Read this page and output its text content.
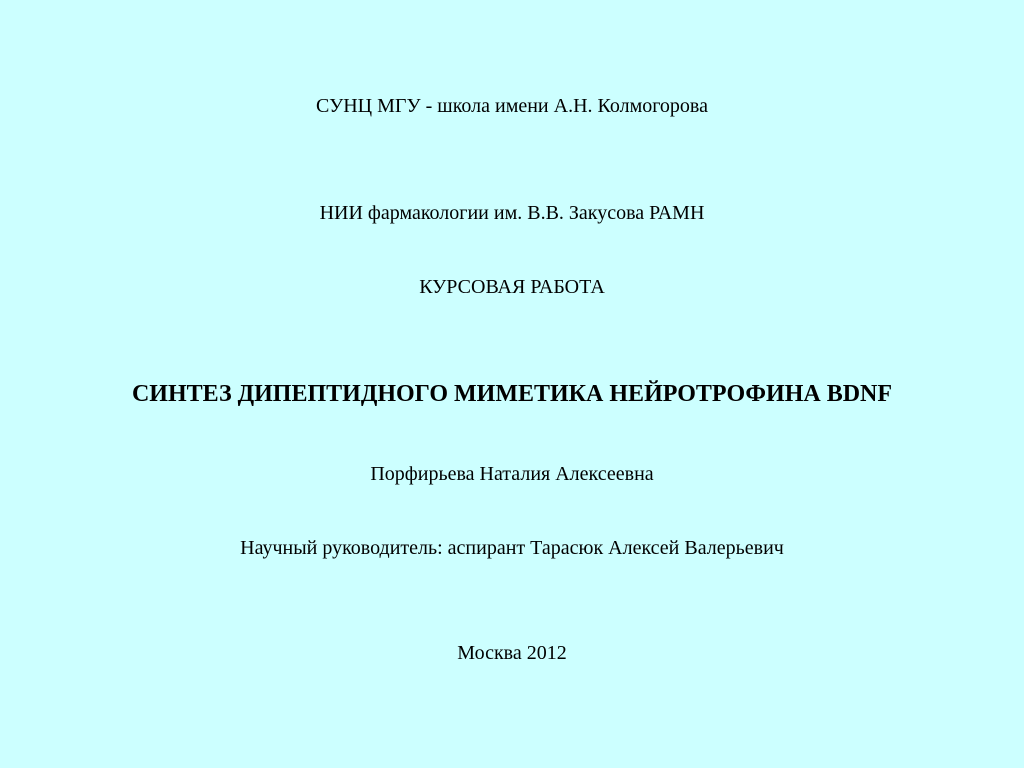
СУНЦ МГУ - школа имени А.Н. Колмогорова
НИИ фармакологии им. В.В. Закусова РАМН
КУРСОВАЯ РАБОТА
СИНТЕЗ ДИПЕПТИДНОГО МИМЕТИКА НЕЙРОТРОФИНА BDNF
Порфирьева Наталия Алексеевна
Научный руководитель: аспирант Тарасюк Алексей Валерьевич
Москва 2012
